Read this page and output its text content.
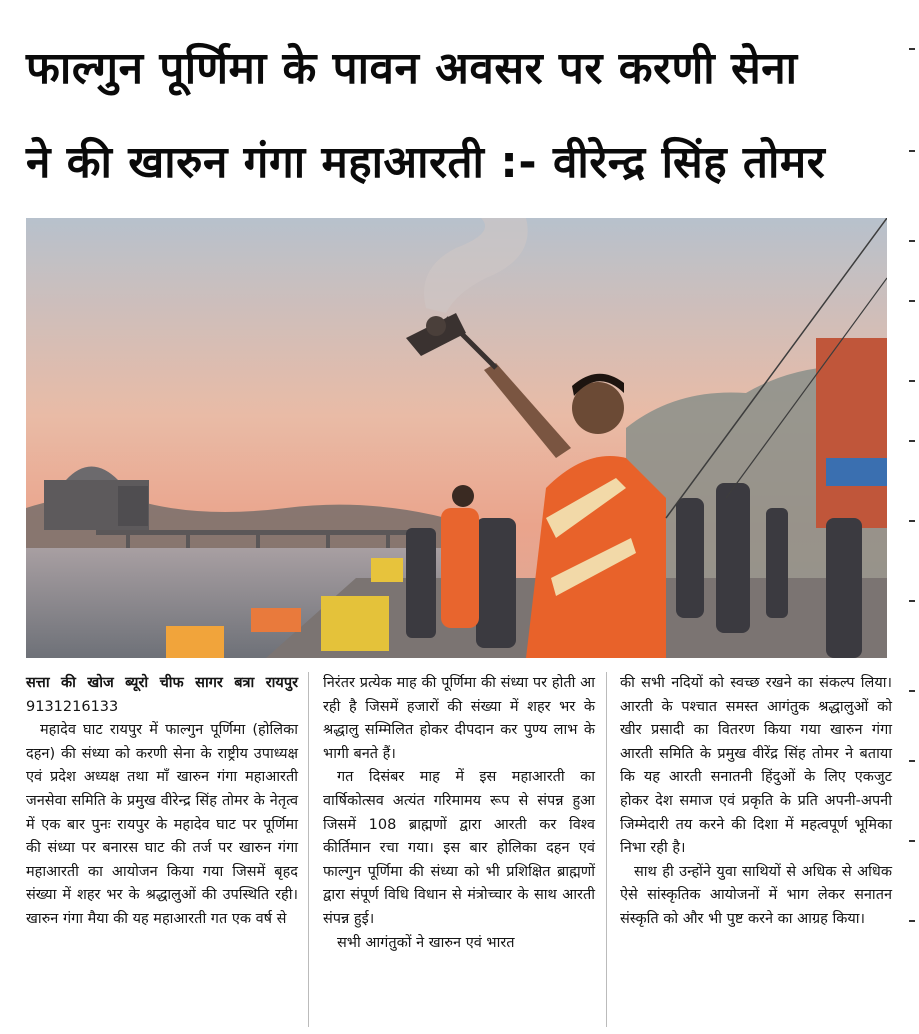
फाल्गुन पूर्णिमा के पावन अवसर पर करणी सेना
ने की खारुन गंगा महाआरती :- वीरेन्द्र सिंह तोमर

सत्ता की खोज ब्यूरो चीफ सागर बत्रा रायपुर 9131216133

महादेव घाट रायपुर में फाल्गुन पूर्णिमा (होलिका दहन) की संध्या को करणी सेना के राष्ट्रीय उपाध्यक्ष एवं प्रदेश अध्यक्ष तथा माँ खारुन गंगा महाआरती जनसेवा समिति के प्रमुख वीरेन्द्र सिंह तोमर के नेतृत्व में एक बार पुनः रायपुर के महादेव घाट पर पूर्णिमा की संध्या पर बनारस घाट की तर्ज पर खारुन गंगा महाआरती का आयोजन किया गया जिसमें बृहद संख्या में शहर भर के श्रद्धालुओं की उपस्थिति रही। खारुन गंगा मैया की यह महाआरती गत एक वर्ष से

निरंतर प्रत्येक माह की पूर्णिमा की संध्या पर होती आ रही है जिसमें हजारों की संख्या में शहर भर के श्रद्धालु सम्मिलित होकर दीपदान कर पुण्य लाभ के भागी बनते हैं।

गत दिसंबर माह में इस महाआरती का वार्षिकोत्सव अत्यंत गरिमामय रूप से संपन्न हुआ जिसमें 108 ब्राह्मणों द्वारा आरती कर विश्व कीर्तिमान रचा गया। इस बार होलिका दहन एवं फाल्गुन पूर्णिमा की संध्या को भी प्रशिक्षित ब्राह्मणों द्वारा संपूर्ण विधि विधान से मंत्रोच्चार के साथ आरती संपन्न हुई।

सभी आगंतुकों ने खारुन एवं भारत

की सभी नदियों को स्वच्छ रखने का संकल्प लिया। आरती के पश्चात समस्त आगंतुक श्रद्धालुओं को खीर प्रसादी का वितरण किया गया खारुन गंगा आरती समिति के प्रमुख वीरेंद्र सिंह तोमर ने बताया कि यह आरती सनातनी हिंदुओं के लिए एकजुट होकर देश समाज एवं प्रकृति के प्रति अपनी-अपनी जिम्मेदारी तय करने की दिशा में महत्वपूर्ण भूमिका निभा रही है।

साथ ही उन्होंने युवा साथियों से अधिक से अधिक ऐसे सांस्कृतिक आयोजनों में भाग लेकर सनातन संस्कृति को और भी पुष्ट करने का आग्रह किया।
